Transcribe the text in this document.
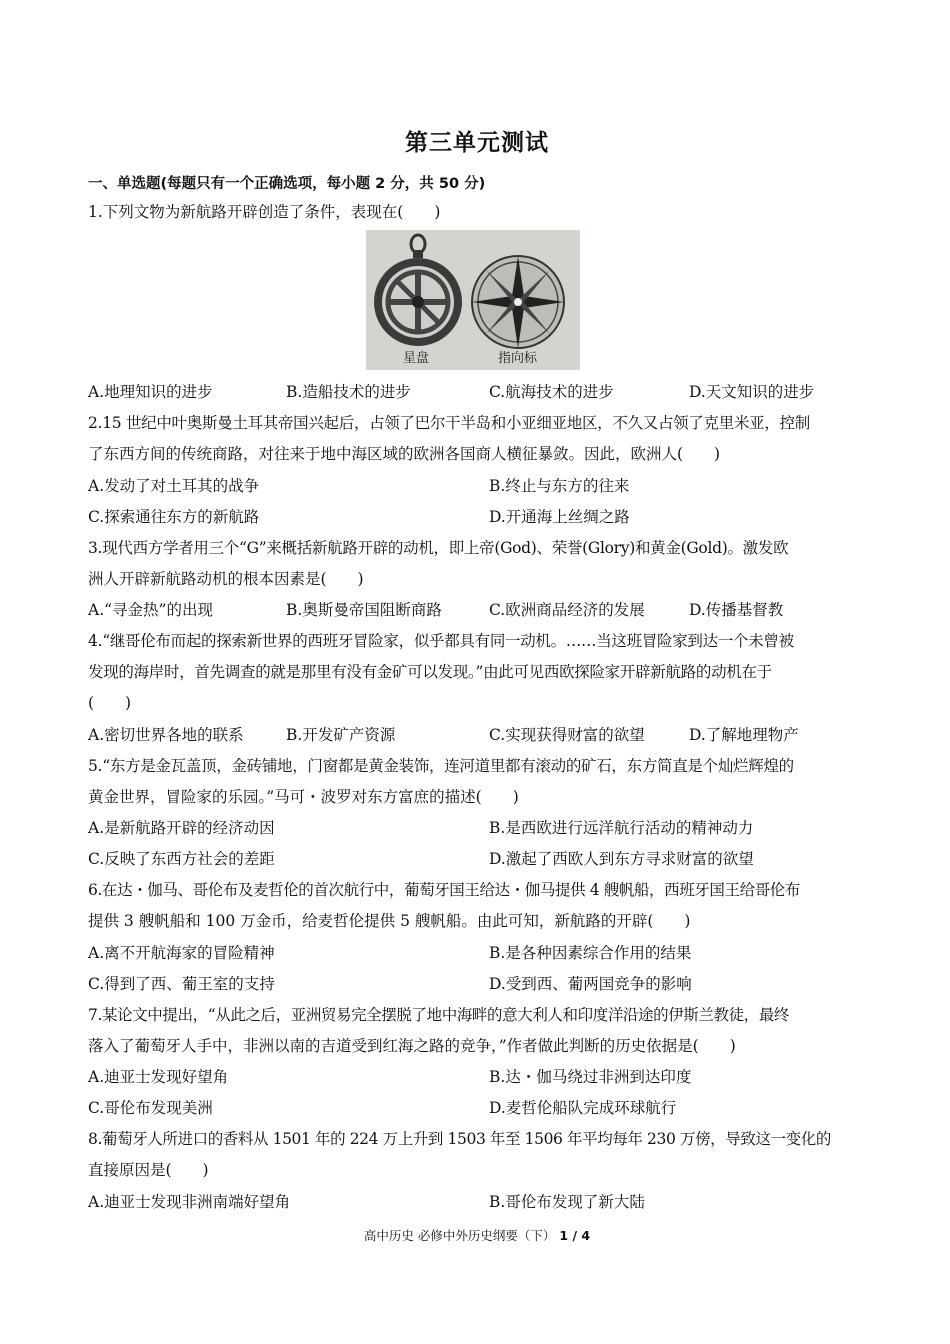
第三单元测试
一、单选题(每题只有一个正确选项，每小题 2 分，共 50 分)
1.下列文物为新航路开辟创造了条件，表现在(　　)
星盘	指向标
A.地理知识的进步	B.造船技术的进步	C.航海技术的进步	D.天文知识的进步
2.15 世纪中叶奥斯曼土耳其帝国兴起后，占领了巴尔干半岛和小亚细亚地区，不久又占领了克里米亚，控制
了东西方间的传统商路，对往来于地中海区域的欧洲各国商人横征暴敛。因此，欧洲人(　　)
A.发动了对土耳其的战争	B.终止与东方的往来
C.探索通往东方的新航路	D.开通海上丝绸之路
3.现代西方学者用三个“G”来概括新航路开辟的动机，即上帝(God)、荣誉(Glory)和黄金(Gold)。激发欧
洲人开辟新航路动机的根本因素是(　　)
A.“寻金热”的出现	B.奥斯曼帝国阻断商路	C.欧洲商品经济的发展	D.传播基督教
4.“继哥伦布而起的探索新世界的西班牙冒险家，似乎都具有同一动机。……当这班冒险家到达一个未曾被
发现的海岸时，首先调查的就是那里有没有金矿可以发现。”由此可见西欧探险家开辟新航路的动机在于
(　　)
A.密切世界各地的联系	B.开发矿产资源	C.实现获得财富的欲望	D.了解地理物产
5.“东方是金瓦盖顶，金砖铺地，门窗都是黄金装饰，连河道里都有滚动的矿石，东方简直是个灿烂辉煌的
黄金世界，冒险家的乐园。”马可・波罗对东方富庶的描述(　　)
A.是新航路开辟的经济动因	B.是西欧进行远洋航行活动的精神动力
C.反映了东西方社会的差距	D.激起了西欧人到东方寻求财富的欲望
6.在达・伽马、哥伦布及麦哲伦的首次航行中，葡萄牙国王给达・伽马提供 4 艘帆船，西班牙国王给哥伦布
提供 3 艘帆船和 100 万金币，给麦哲伦提供 5 艘帆船。由此可知，新航路的开辟(　　)
A.离不开航海家的冒险精神	B.是各种因素综合作用的结果
C.得到了西、葡王室的支持	D.受到西、葡两国竞争的影响
7.某论文中提出，“从此之后，亚洲贸易完全摆脱了地中海畔的意大利人和印度洋沿途的伊斯兰教徒，最终
落入了葡萄牙人手中，非洲以南的吉道受到红海之路的竞争，”作者做此判断的历史依据是(　　)
A.迪亚士发现好望角	B.达・伽马绕过非洲到达印度
C.哥伦布发现美洲	D.麦哲伦船队完成环球航行
8.葡萄牙人所进口的香料从 1501 年的 224 万上升到 1503 年至 1506 年平均每年 230 万傍，导致这一变化的
直接原因是(　　)
A.迪亚士发现非洲南端好望角	B.哥伦布发现了新大陆
高中历史 必修中外历史纲要（下） 1 / 4
